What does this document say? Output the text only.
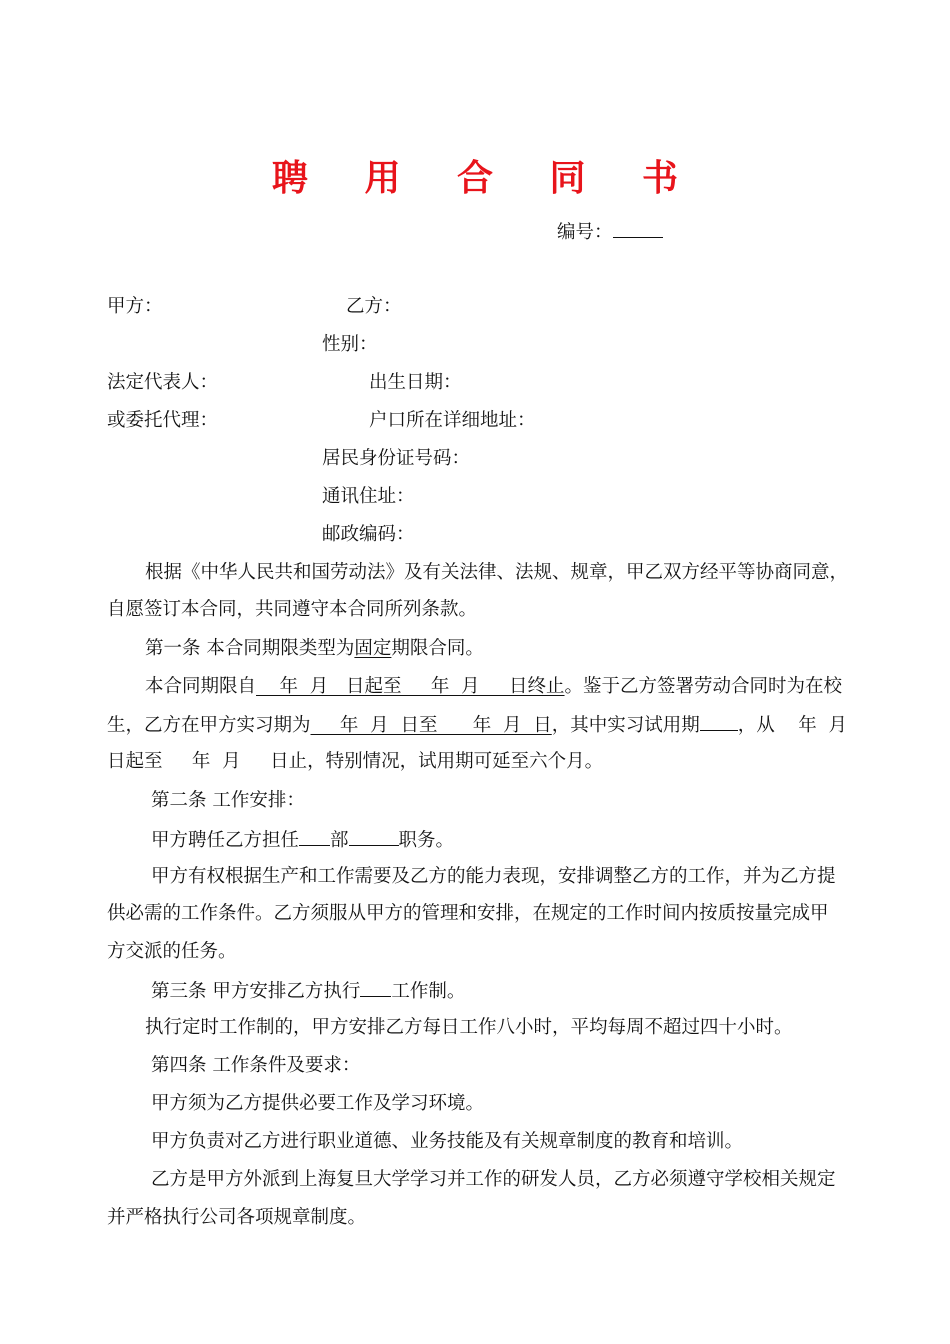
聘 用 合 同 书
编号：
甲方：	乙方：
性别：
法定代表人：	出生日期：
或委托代理：	户口所在详细地址：
居民身份证号码：
通讯住址：
邮政编码：
根据《中华人民共和国劳动法》及有关法律、法规、规章，甲乙双方经平等协商同意，
自愿签订本合同，共同遵守本合同所列条款。
第一条 本合同期限类型为固定期限合同。
本合同期限自    年  月   日起至     年  月     日终止。鉴于乙方签署劳动合同时为在校
生，乙方在甲方实习期为     年  月  日至      年  月  日，其中实习试用期 ，从    年  月
日起至     年  月     日止，特别情况，试用期可延至六个月。
第二条 工作安排：
甲方聘任乙方担任 部	职务。
甲方有权根据生产和工作需要及乙方的能力表现，安排调整乙方的工作，并为乙方提
供必需的工作条件。乙方须服从甲方的管理和安排，在规定的工作时间内按质按量完成甲
方交派的任务。
第三条 甲方安排乙方执行 工作制。
执行定时工作制的，甲方安排乙方每日工作八小时，平均每周不超过四十小时。
第四条 工作条件及要求：
甲方须为乙方提供必要工作及学习环境。
甲方负责对乙方进行职业道德、业务技能及有关规章制度的教育和培训。
乙方是甲方外派到上海复旦大学学习并工作的研发人员，乙方必须遵守学校相关规定
并严格执行公司各项规章制度。
